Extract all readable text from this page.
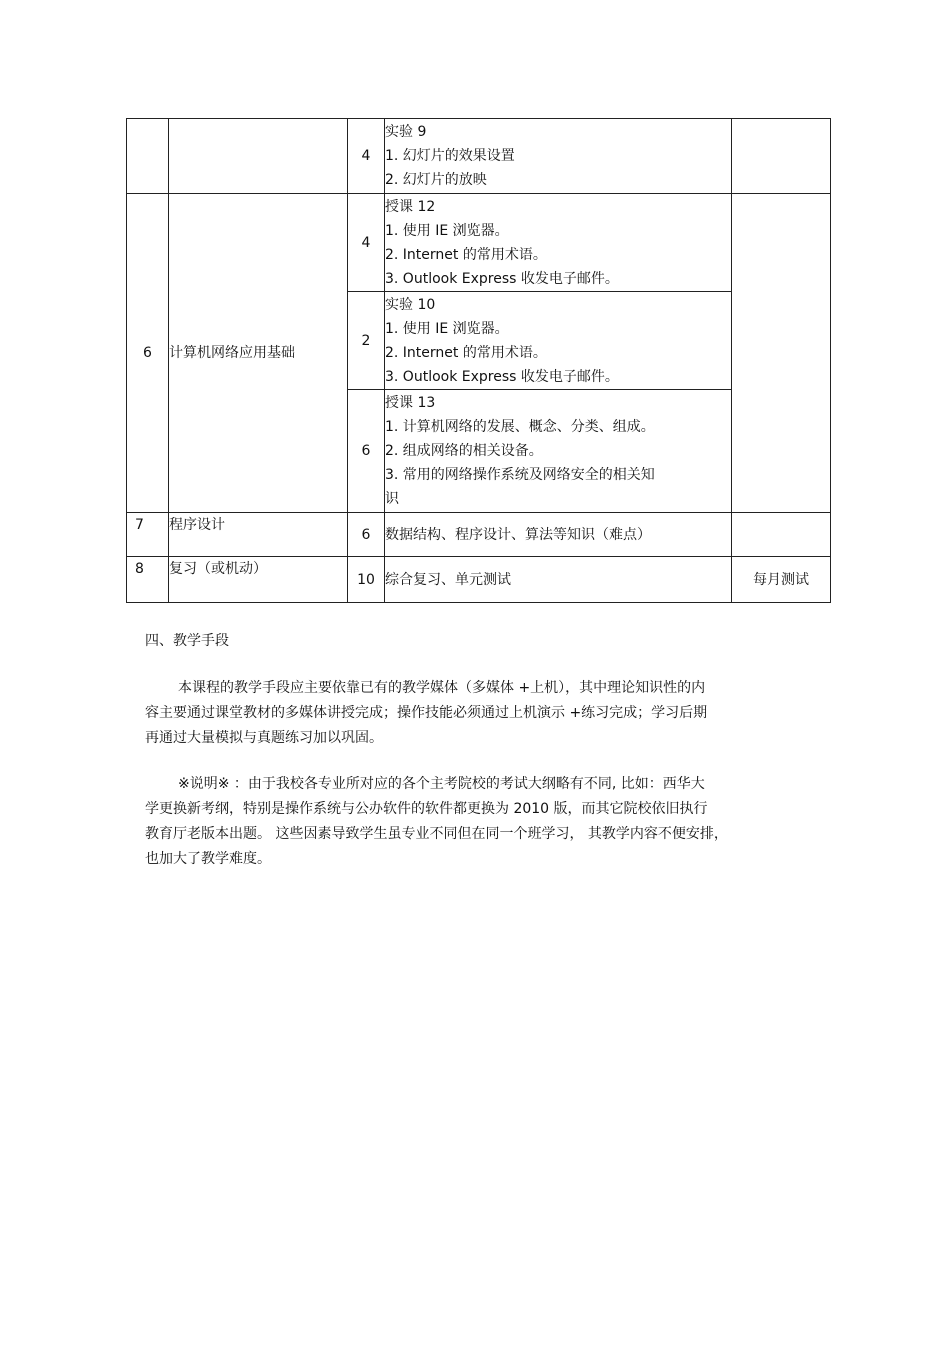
		4	实验 9
1. 幻灯片的效果设置
2. 幻灯片的放映	

6	计算机网络应用基础	4	授课 12
1. 使用 IE 浏览器。
2. Internet 的常用术语。
3. Outlook Express 收发电子邮件。	

		2	实验 10
1. 使用 IE 浏览器。
2. Internet 的常用术语。
3. Outlook Express 收发电子邮件。	

		6	授课 13
1. 计算机网络的发展、概念、分类、组成。
2. 组成网络的相关设备。
3. 常用的网络操作系统及网络安全的相关知
识	

7	程序设计	6	数据结构、程序设计、算法等知识（难点）	

8	复习（或机动）	10	综合复习、单元测试	每月测试
四、教学手段
本课程的教学手段应主要依靠已有的教学媒体（多媒体 +上机），其中理论知识性的内
容主要通过课堂教材的多媒体讲授完成；操作技能必须通过上机演示 +练习完成；学习后期
再通过大量模拟与真题练习加以巩固。
※说明※ ：由于我校各专业所对应的各个主考院校的考试大纲略有不同, 比如：西华大
学更换新考纲，特别是操作系统与公办软件的软件都更换为 2010 版，而其它院校依旧执行
教育厅老版本出题。 这些因素导致学生虽专业不同但在同一个班学习， 其教学内容不便安排，
也加大了教学难度。
